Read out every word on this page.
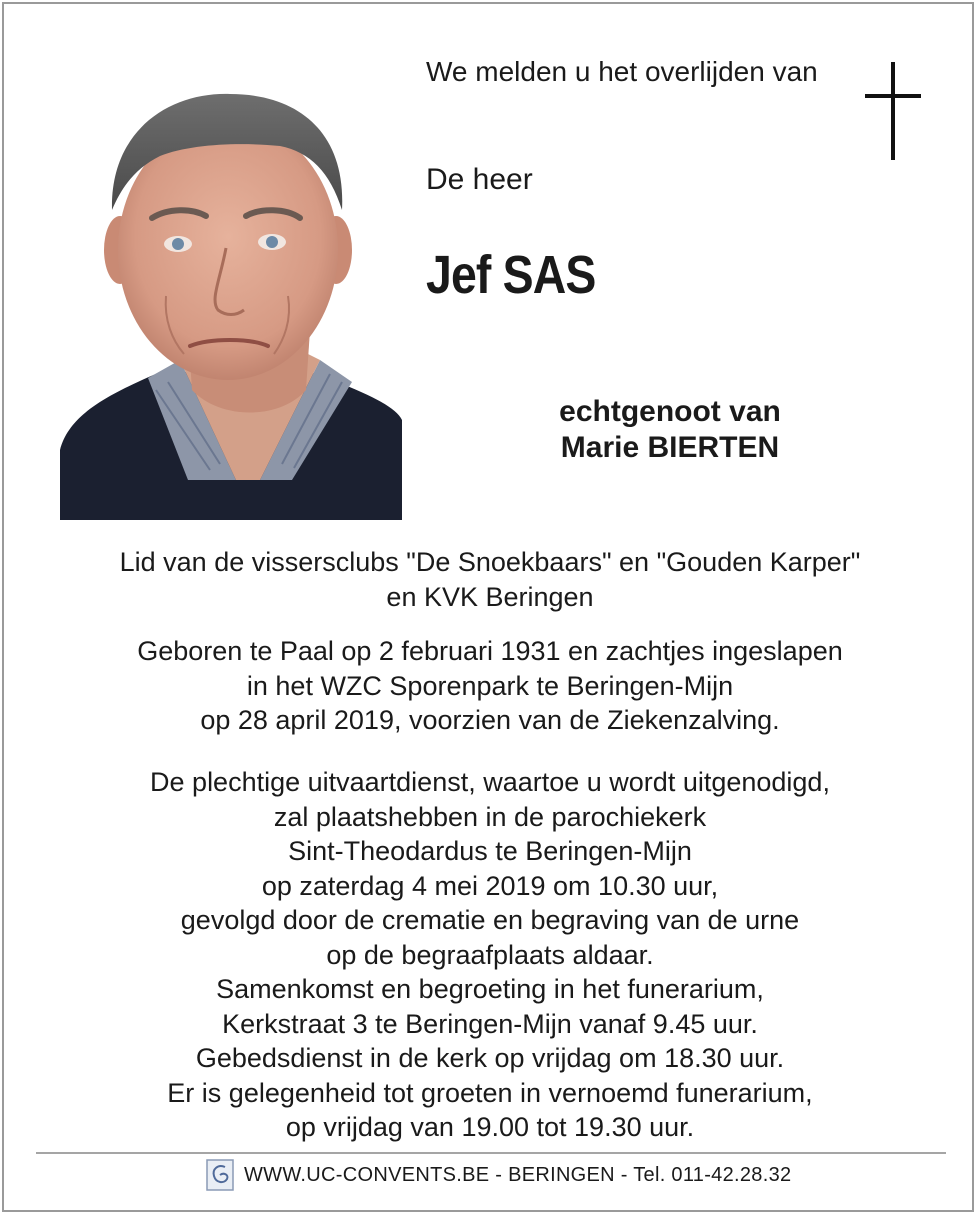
We melden u het overlijden van
De heer
Jef SAS
echtgenoot van
Marie BIERTEN
Lid van de vissersclubs "De Snoekbaars" en "Gouden Karper"
en KVK Beringen
Geboren te Paal op 2 februari 1931 en zachtjes ingeslapen
in het WZC Sporenpark te Beringen-Mijn
op 28 april 2019, voorzien van de Ziekenzalving.
De plechtige uitvaartdienst, waartoe u wordt uitgenodigd,
zal plaatshebben in de parochiekerk
Sint-Theodardus te Beringen-Mijn
op zaterdag 4 mei 2019 om 10.30 uur,
gevolgd door de crematie en begraving van de urne
op de begraafplaats aldaar.
Samenkomst en begroeting in het funerarium,
Kerkstraat 3 te Beringen-Mijn vanaf 9.45 uur.
Gebedsdienst in de kerk op vrijdag om 18.30 uur.
Er is gelegenheid tot groeten in vernoemd funerarium,
op vrijdag van 19.00 tot 19.30 uur.
WWW.UC-CONVENTS.BE - BERINGEN - Tel. 011-42.28.32
